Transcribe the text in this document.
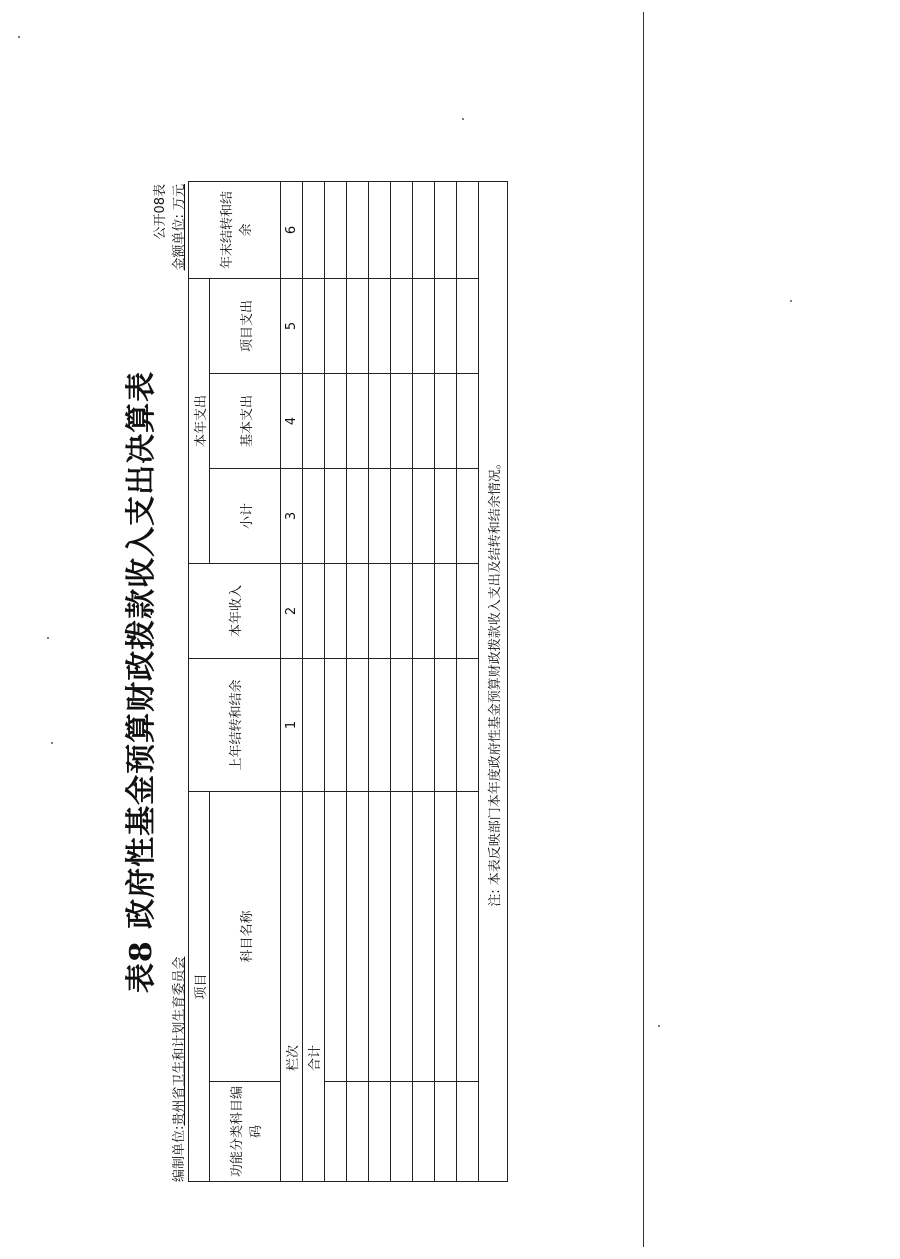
表8 政府性基金预算财政拨款收入支出决算表
编制单位:贵州省卫生和计划生育委员会
公开08表 金额单位: 万元
项目		上年结转和结余	本年收入	本年支出			年末结转和结余
功能分类科目编码	科目名称			小计	基本支出	项目支出	
栏次		1	2	3	4	5	6
合计							

注: 本表反映部门本年度政府性基金预算财政拨款收入支出及结转和结余情况。							
